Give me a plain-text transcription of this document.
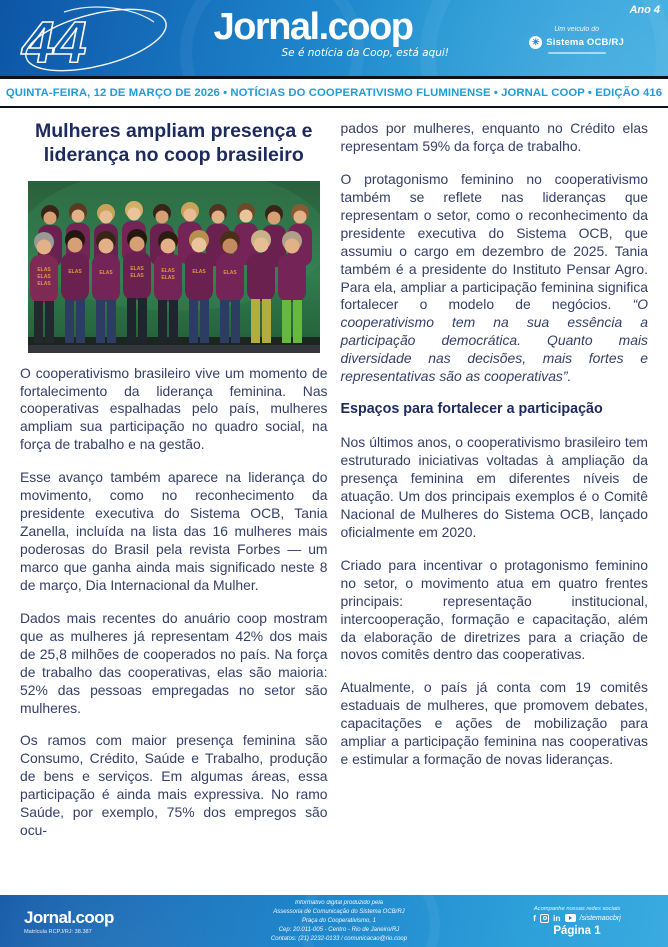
44	Jornal.coop
Se é notícia da Coop, está aqui!
Ano 4
Um veículo do
✳ Sistema OCB/RJ
QUINTA-FEIRA, 12 DE MARÇO DE 2026 • NOTÍCIAS DO COOPERATIVISMO FLUMINENSE • JORNAL COOP • EDIÇÃO 416
Mulheres ampliam presença e liderança no coop brasileiro
ELAS
ELAS
ELAS
ELAS	ELAS
ELAS
ELAS
ELAS
ELAS
ELAS	ELAS

O cooperativismo brasileiro vive um momento de fortalecimento da liderança feminina. Nas cooperativas espalhadas pelo país, mulheres ampliam sua participação no quadro social, na força de trabalho e na gestão.

Esse avanço também aparece na liderança do movimento, como no reconhecimento da presidente executiva do Sistema OCB, Tania Zanella, incluída na lista das 16 mulheres mais poderosas do Brasil pela revista Forbes — um marco que ganha ainda mais significado neste 8 de março, Dia Internacional da Mulher.

Dados mais recentes do anuário coop mostram que as mulheres já representam 42% dos mais de 25,8 milhões de cooperados no país. Na força de trabalho das cooperativas, elas são maioria: 52% das pessoas empregadas no setor são mulheres.

Os ramos com maior presença feminina são Consumo, Crédito, Saúde e Trabalho, produção de bens e serviços. Em algumas áreas, essa participação é ainda mais expressiva. No ramo Saúde, por exemplo, 75% dos empregos são ocu-

pados por mulheres, enquanto no Crédito elas representam 59% da força de trabalho.

O protagonismo feminino no cooperativismo também se reflete nas lideranças que representam o setor, como o reconhecimento da presidente executiva do Sistema OCB, que assumiu o cargo em dezembro de 2025. Tania também é a presidente do Instituto Pensar Agro. Para ela, ampliar a participação feminina significa fortalecer o modelo de negócios. “O cooperativismo tem na sua essência a participação democrática. Quanto mais diversidade nas decisões, mais fortes e representativas são as cooperativas”.

Espaços para fortalecer a participação

Nos últimos anos, o cooperativismo brasileiro tem estruturado iniciativas voltadas à ampliação da presença feminina em diferentes níveis de atuação. Um dos principais exemplos é o Comitê Nacional de Mulheres do Sistema OCB, lançado oficialmente em 2020.

Criado para incentivar o protagonismo feminino no setor, o movimento atua em quatro frentes principais: representação institucional, intercooperação, formação e capacitação, além da elaboração de diretrizes para a criação de novos comitês dentro das cooperativas.

Atualmente, o país já conta com 19 comitês estaduais de mulheres, que promovem debates, capacitações e ações de mobilização para ampliar a participação feminina nas cooperativas e estimular a formação de novas lideranças.

Jornal.coop
Matrícula RCPJ/RJ: 38.387
Informativo digital produzido pela
Assessoria de Comunicação do Sistema OCB/RJ
Praça do Cooperativismo, 1
Cep: 20.011-005 - Centro - Rio de Janeiro/RJ
Contatos: (21) 2232-0133 / comunicacao@rio.coop
Acompanhe nossas redes sociais
f in	/sistemaocbrj
Página 1
